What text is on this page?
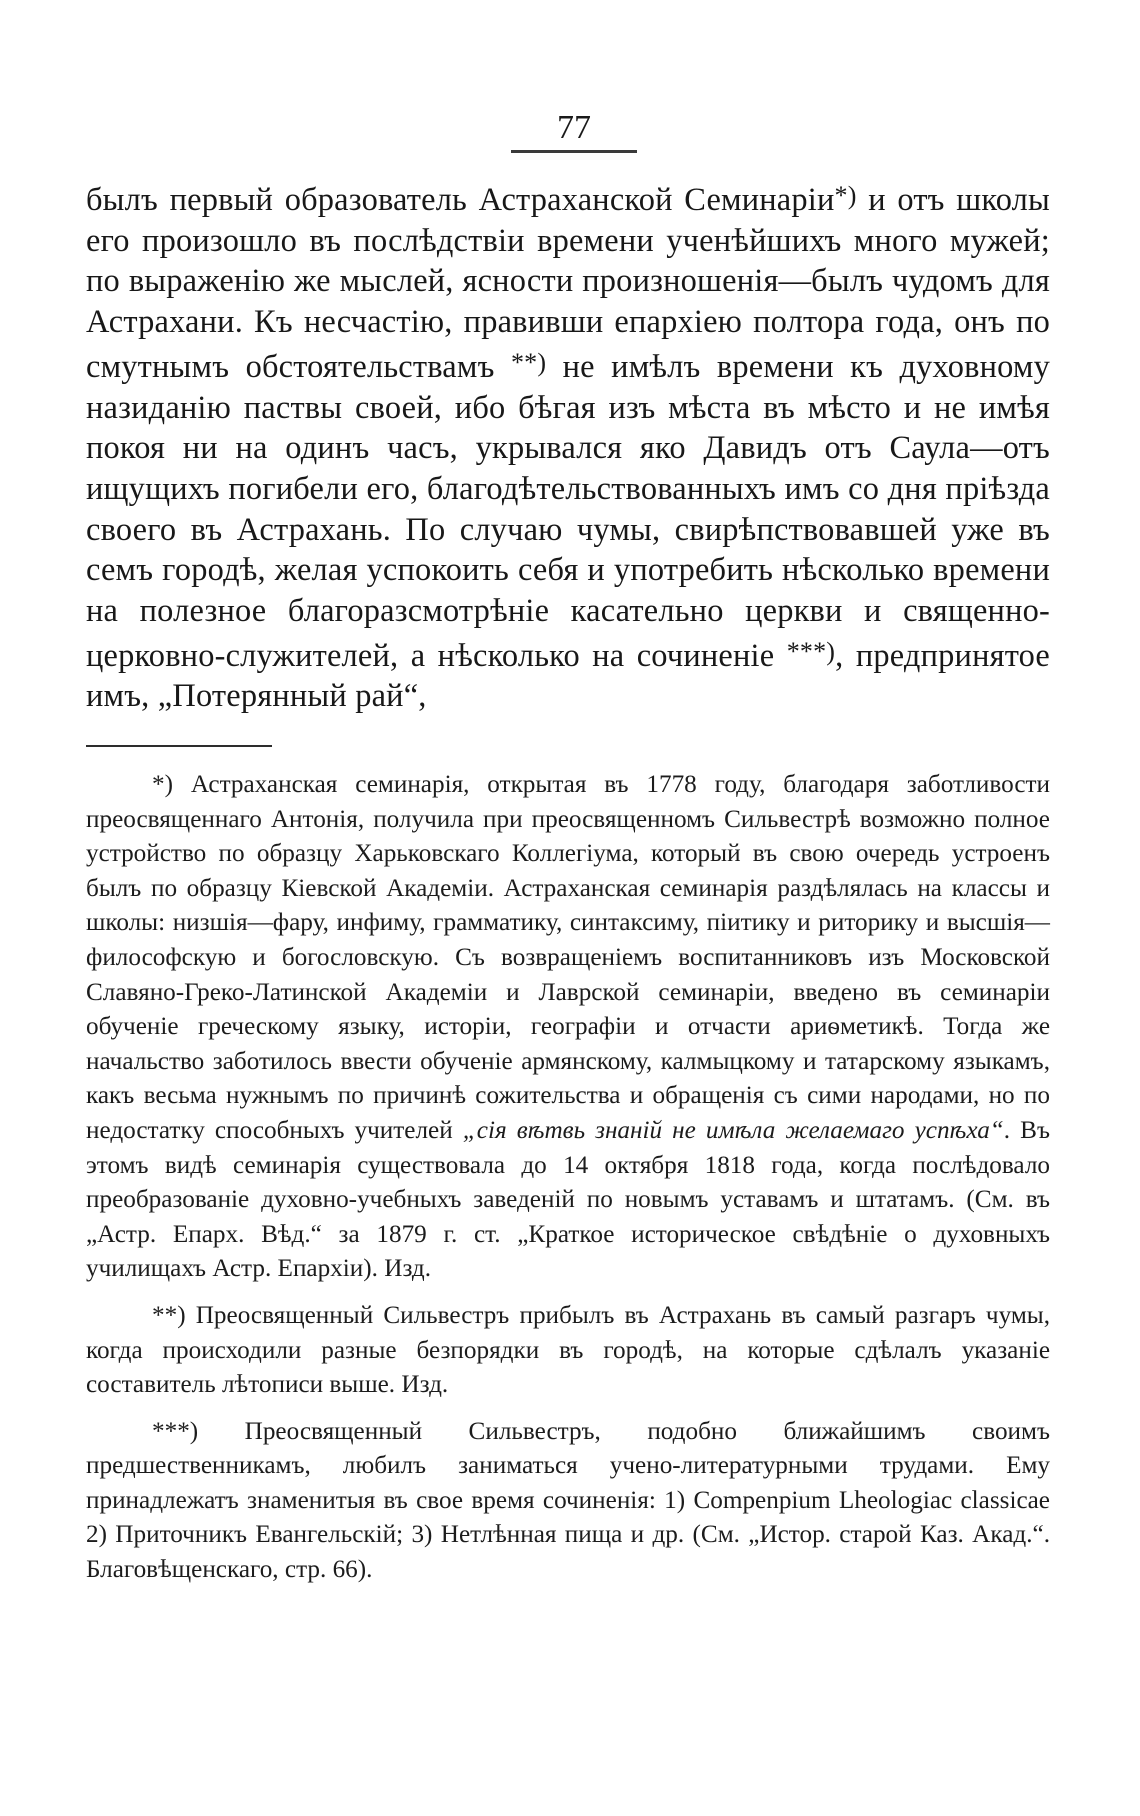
77

былъ первый образователь Астраханской Семинаріи*) и отъ школы его произошло въ послѣдствіи времени ученѣйшихъ много мужей; по выраженію же мыслей, ясности произношенія—былъ чудомъ для Астрахани. Къ несчастію, правивши епархіею полтора года, онъ по смутнымъ обстоятельствамъ **) не имѣлъ времени къ духовному назиданію паствы своей, ибо бѣгая изъ мѣста въ мѣсто и не имѣя покоя ни на одинъ часъ, укрывался яко Давидъ отъ Саула—отъ ищущихъ погибели его, благодѣтельствованныхъ имъ со дня пріѣзда своего въ Астрахань. По случаю чумы, свирѣпствовавшей уже въ семъ городѣ, желая успокоить себя и употребить нѣсколько времени на полезное благоразсмотрѣніе касательно церкви и священно-церковно-служителей, а нѣсколько на сочиненіе ***), предпринятое имъ, „Потерянный рай“,

*) Астраханская семинарія, открытая въ 1778 году, благодаря заботливости преосвященнаго Антонія, получила при преосвященномъ Сильвестрѣ возможно полное устройство по образцу Харьковскаго Коллегіума, который въ свою очередь устроенъ былъ по образцу Кіевской Академіи. Астраханская семинарія раздѣлялась на классы и школы: низшія—фару, инфиму, грамматику, синтаксиму, піитику и риторику и высшія—философскую и богословскую. Съ возвращеніемъ воспитанниковъ изъ Московской Славяно-Греко-Латинской Академіи и Лаврской семинаріи, введено въ семинаріи обученіе греческому языку, исторіи, географіи и отчасти ариѳметикѣ. Тогда же начальство заботилось ввести обученіе армянскому, калмыцкому и татарскому языкамъ, какъ весьма нужнымъ по причинѣ сожительства и обращенія съ сими народами, но по недостатку способныхъ учителей „сія вѣтвь знаній не имѣла желаемаго успѣха“. Въ этомъ видѣ семинарія существовала до 14 октября 1818 года, когда послѣдовало преобразованіе духовно-учебныхъ заведеній по новымъ уставамъ и штатамъ. (См. въ „Астр. Епарх. Вѣд.“ за 1879 г. ст. „Краткое историческое свѣдѣніе о духовныхъ училищахъ Астр. Епархіи). Изд.

**) Преосвященный Сильвестръ прибылъ въ Астрахань въ самый разгаръ чумы, когда происходили разные безпорядки въ городѣ, на которые сдѣлалъ указаніе составитель лѣтописи выше. Изд.

***) Преосвященный Сильвестръ, подобно ближайшимъ своимъ предшественникамъ, любилъ заниматься учено-литературными трудами. Ему принадлежатъ знаменитыя въ свое время сочиненія: 1) Compenpium Lheologiac classicae 2) Приточникъ Евангельскій; 3) Нетлѣнная пища и др. (См. „Истор. старой Каз. Акад.“. Благовѣщенскаго, стр. 66).
